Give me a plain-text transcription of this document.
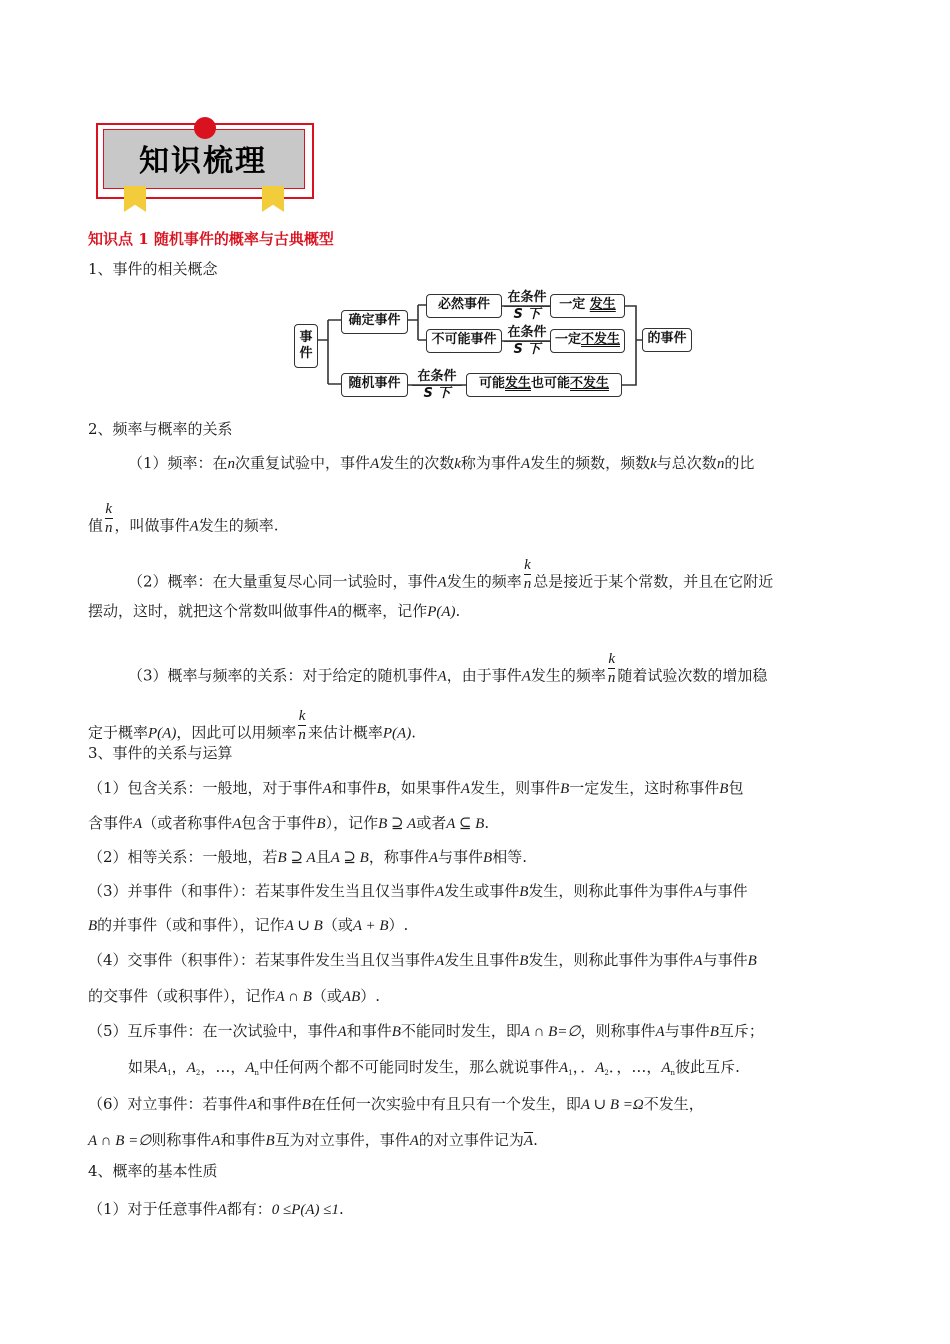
知识梳理
知识点 1 随机事件的概率与古典概型
1、事件的相关概念
事件
确定事件
随机事件
必然事件
不可能事件
在条件
S 下
在条件
S 下
在条件
S 下
一定 发生
一定不发生
可能发生也可能不发生
的事件
2、频率与概率的关系
（1）频率：在n次重复试验中，事件A发生的次数k称为事件A发生的频数，频数k与总次数n的比
值 $\frac{k}{n}$ ，叫做事件A发生的频率.
（2）概率：在大量重复尽心同一试验时，事件A发生的频率 $\frac{k}{n}$ 总是接近于某个常数，并且在它附近
摆动，这时，就把这个常数叫做事件A的概率，记作P(A).
（3）概率与频率的关系：对于给定的随机事件A，由于事件A发生的频率 $\frac{k}{n}$ 随着试验次数的增加稳
定于概率P(A)，因此可以用频率 $\frac{k}{n}$ 来估计概率P(A).
3、事件的关系与运算
（1）包含关系：一般地，对于事件A和事件B，如果事件A发生，则事件B一定发生，这时称事件B包
含事件A（或者称事件A包含于事件B），记作B ⊇ A或者A ⊆ B.
（2）相等关系：一般地，若B ⊇ A且A ⊇ B，称事件A与事件B相等.
（3）并事件（和事件）：若某事件发生当且仅当事件A发生或事件B发生，则称此事件为事件A与事件
B的并事件（或和事件），记作A ∪ B（或A + B）.
（4）交事件（积事件）：若某事件发生当且仅当事件A发生且事件B发生，则称此事件为事件A与事件B
的交事件（或积事件），记作A ∩ B（或AB）.
（5）互斥事件：在一次试验中，事件A和事件B不能同时发生，即A ∩ B=∅，则称事件A与事件B互斥；
如果$A_1$，$A_2$，…，$A_n$中任何两个都不可能同时发生，那么就说事件$A_1$，．$A_2$．，…，$A_n$彼此互斥.
（6）对立事件：若事件A和事件B在任何一次实验中有且只有一个发生，即A ∪ B =Ω不发生，
A ∩ B =∅则称事件A和事件B互为对立事件，事件A的对立事件记为$\overline{A}$.
4、概率的基本性质
（1）对于任意事件A都有：0 ≤P(A) ≤1.
